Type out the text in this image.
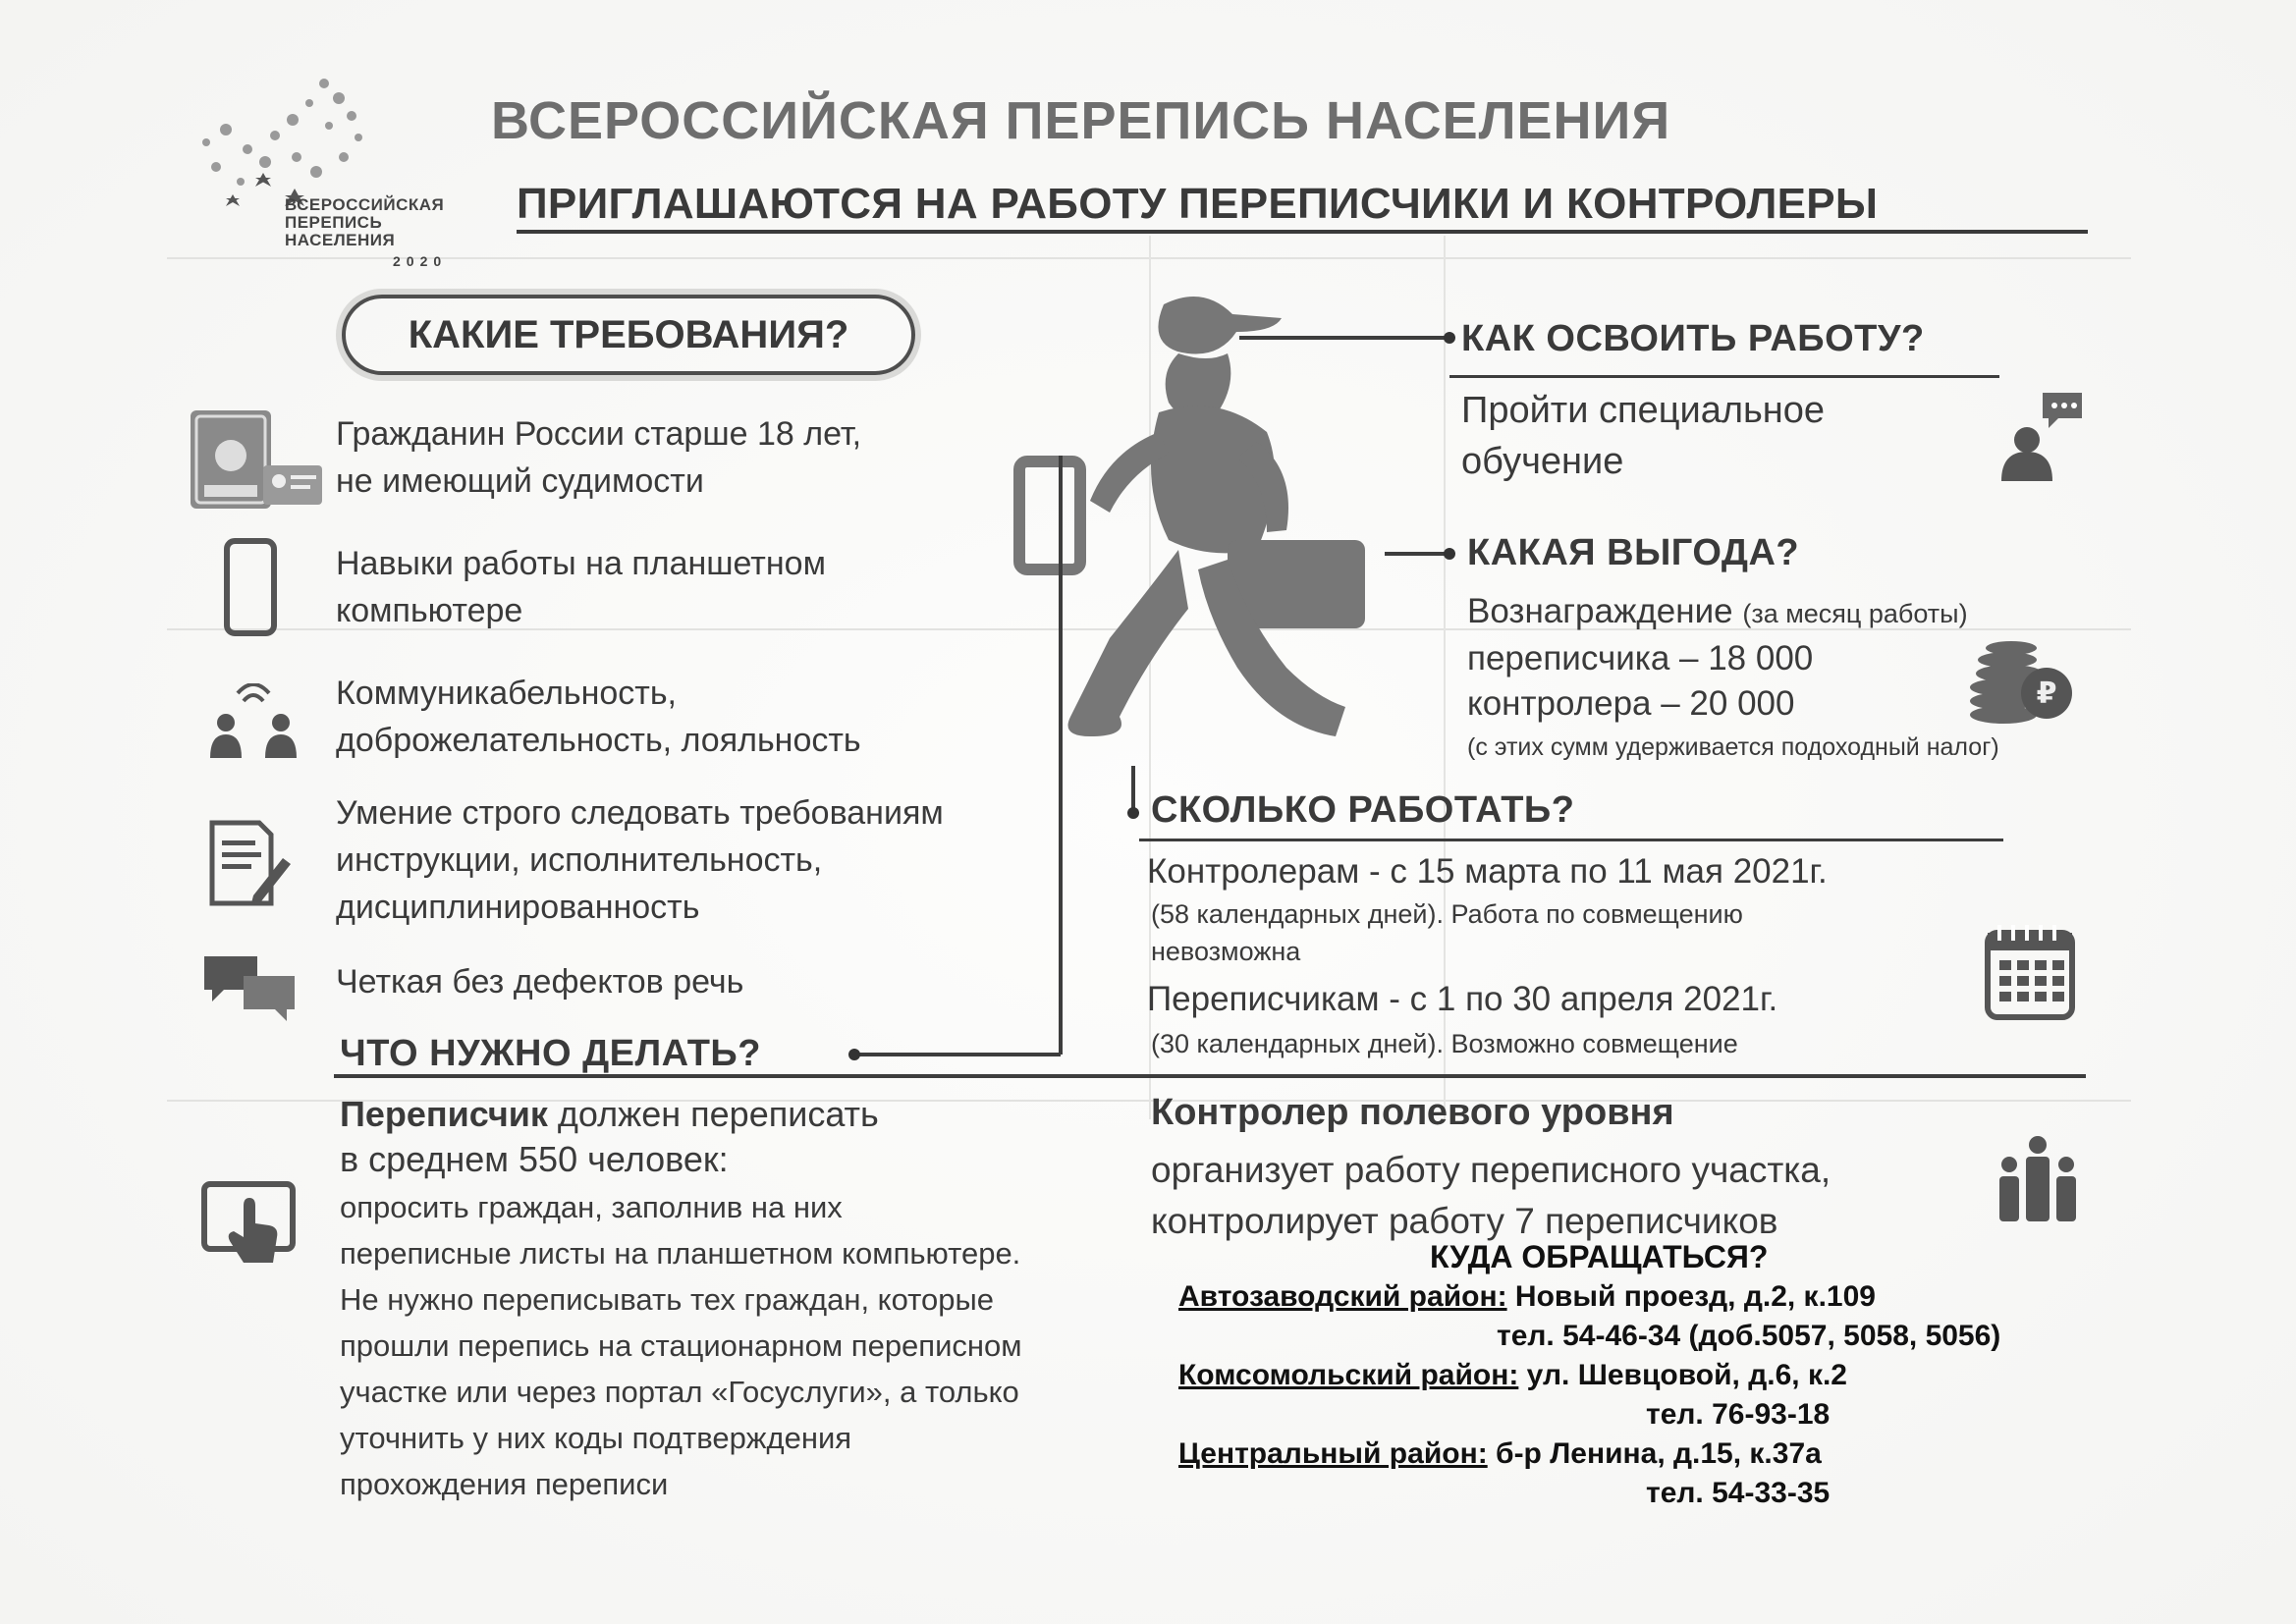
ВСЕРОССИЙСКАЯ
ПЕРЕПИСЬ
НАСЕЛЕНИЯ
2020
ВСЕРОССИЙСКАЯ ПЕРЕПИСЬ НАСЕЛЕНИЯ
ПРИГЛАШАЮТСЯ НА РАБОТУ ПЕРЕПИСЧИКИ И КОНТРОЛЕРЫ
КАКИЕ ТРЕБОВАНИЯ?
Гражданин России старше 18 лет,
не имеющий судимости
Навыки работы на планшетном
компьютере
Коммуникабельность,
доброжелательность, лояльность
Умение строго следовать требованиям
инструкции, исполнительность,
дисциплинированность
Четкая без дефектов речь
КАК ОСВОИТЬ РАБОТУ?
Пройти специальное
обучение
КАКАЯ ВЫГОДА?
Вознаграждение (за месяц работы)
переписчика – 18 000
контролера – 20 000
(с этих сумм удерживается подоходный налог)
₽
СКОЛЬКО РАБОТАТЬ?
Контролерам - с 15 марта по 11 мая 2021г.
(58 календарных дней). Работа по совмещению
невозможна
Переписчикам - с 1 по 30 апреля 2021г.
(30 календарных дней). Возможно совмещение
ЧТО НУЖНО ДЕЛАТЬ?
Переписчик должен переписать
в среднем 550 человек:
опросить граждан, заполнив на них
переписные листы на планшетном компьютере.
Не нужно переписывать тех граждан, которые
прошли перепись на стационарном переписном
участке или через портал «Госуслуги», а только
уточнить у них коды подтверждения
прохождения переписи
Контролер полевого уровня
организует работу переписного участка,
контролирует работу 7 переписчиков
КУДА ОБРАЩАТЬСЯ?
Автозаводский район: Новый проезд, д.2, к.109
тел. 54-46-34 (доб.5057, 5058, 5056)
Комсомольский район: ул. Шевцовой, д.6, к.2
тел. 76-93-18
Центральный район: б-р Ленина, д.15, к.37а
тел. 54-33-35
